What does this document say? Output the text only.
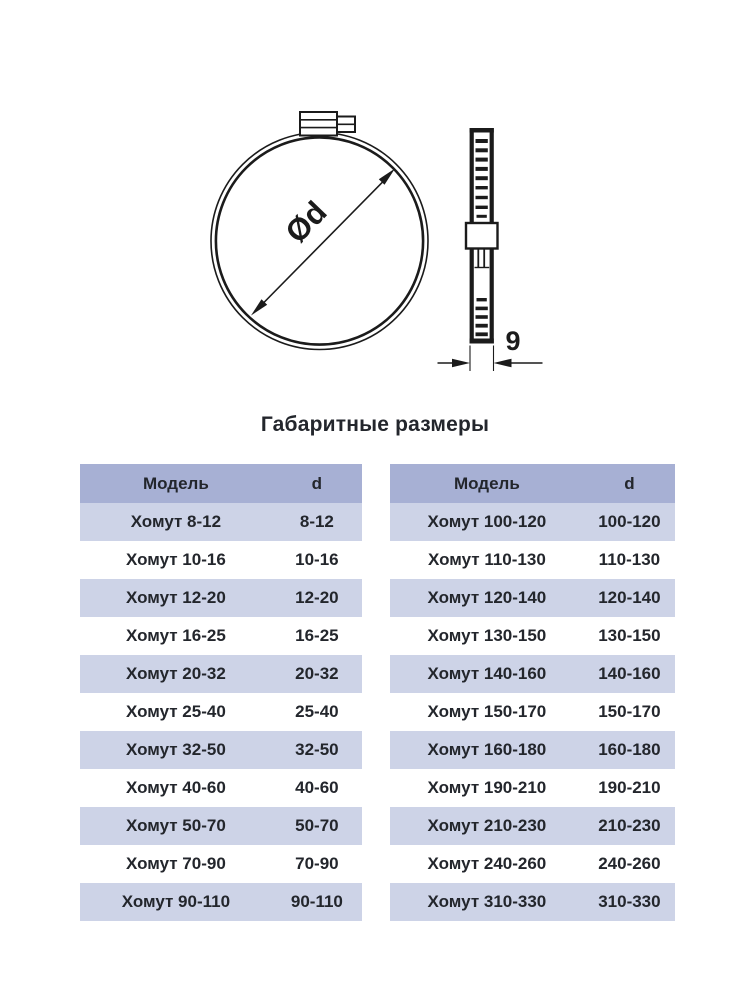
Ød
9
Габаритные размеры
Модель	d
Хомут 8-12	8-12
Хомут 10-16	10-16
Хомут 12-20	12-20
Хомут 16-25	16-25
Хомут 20-32	20-32
Хомут 25-40	25-40
Хомут 32-50	32-50
Хомут 40-60	40-60
Хомут 50-70	50-70
Хомут 70-90	70-90
Хомут 90-110	90-110
Модель	d
Хомут 100-120	100-120
Хомут 110-130	110-130
Хомут 120-140	120-140
Хомут 130-150	130-150
Хомут 140-160	140-160
Хомут 150-170	150-170
Хомут 160-180	160-180
Хомут 190-210	190-210
Хомут 210-230	210-230
Хомут 240-260	240-260
Хомут 310-330	310-330
